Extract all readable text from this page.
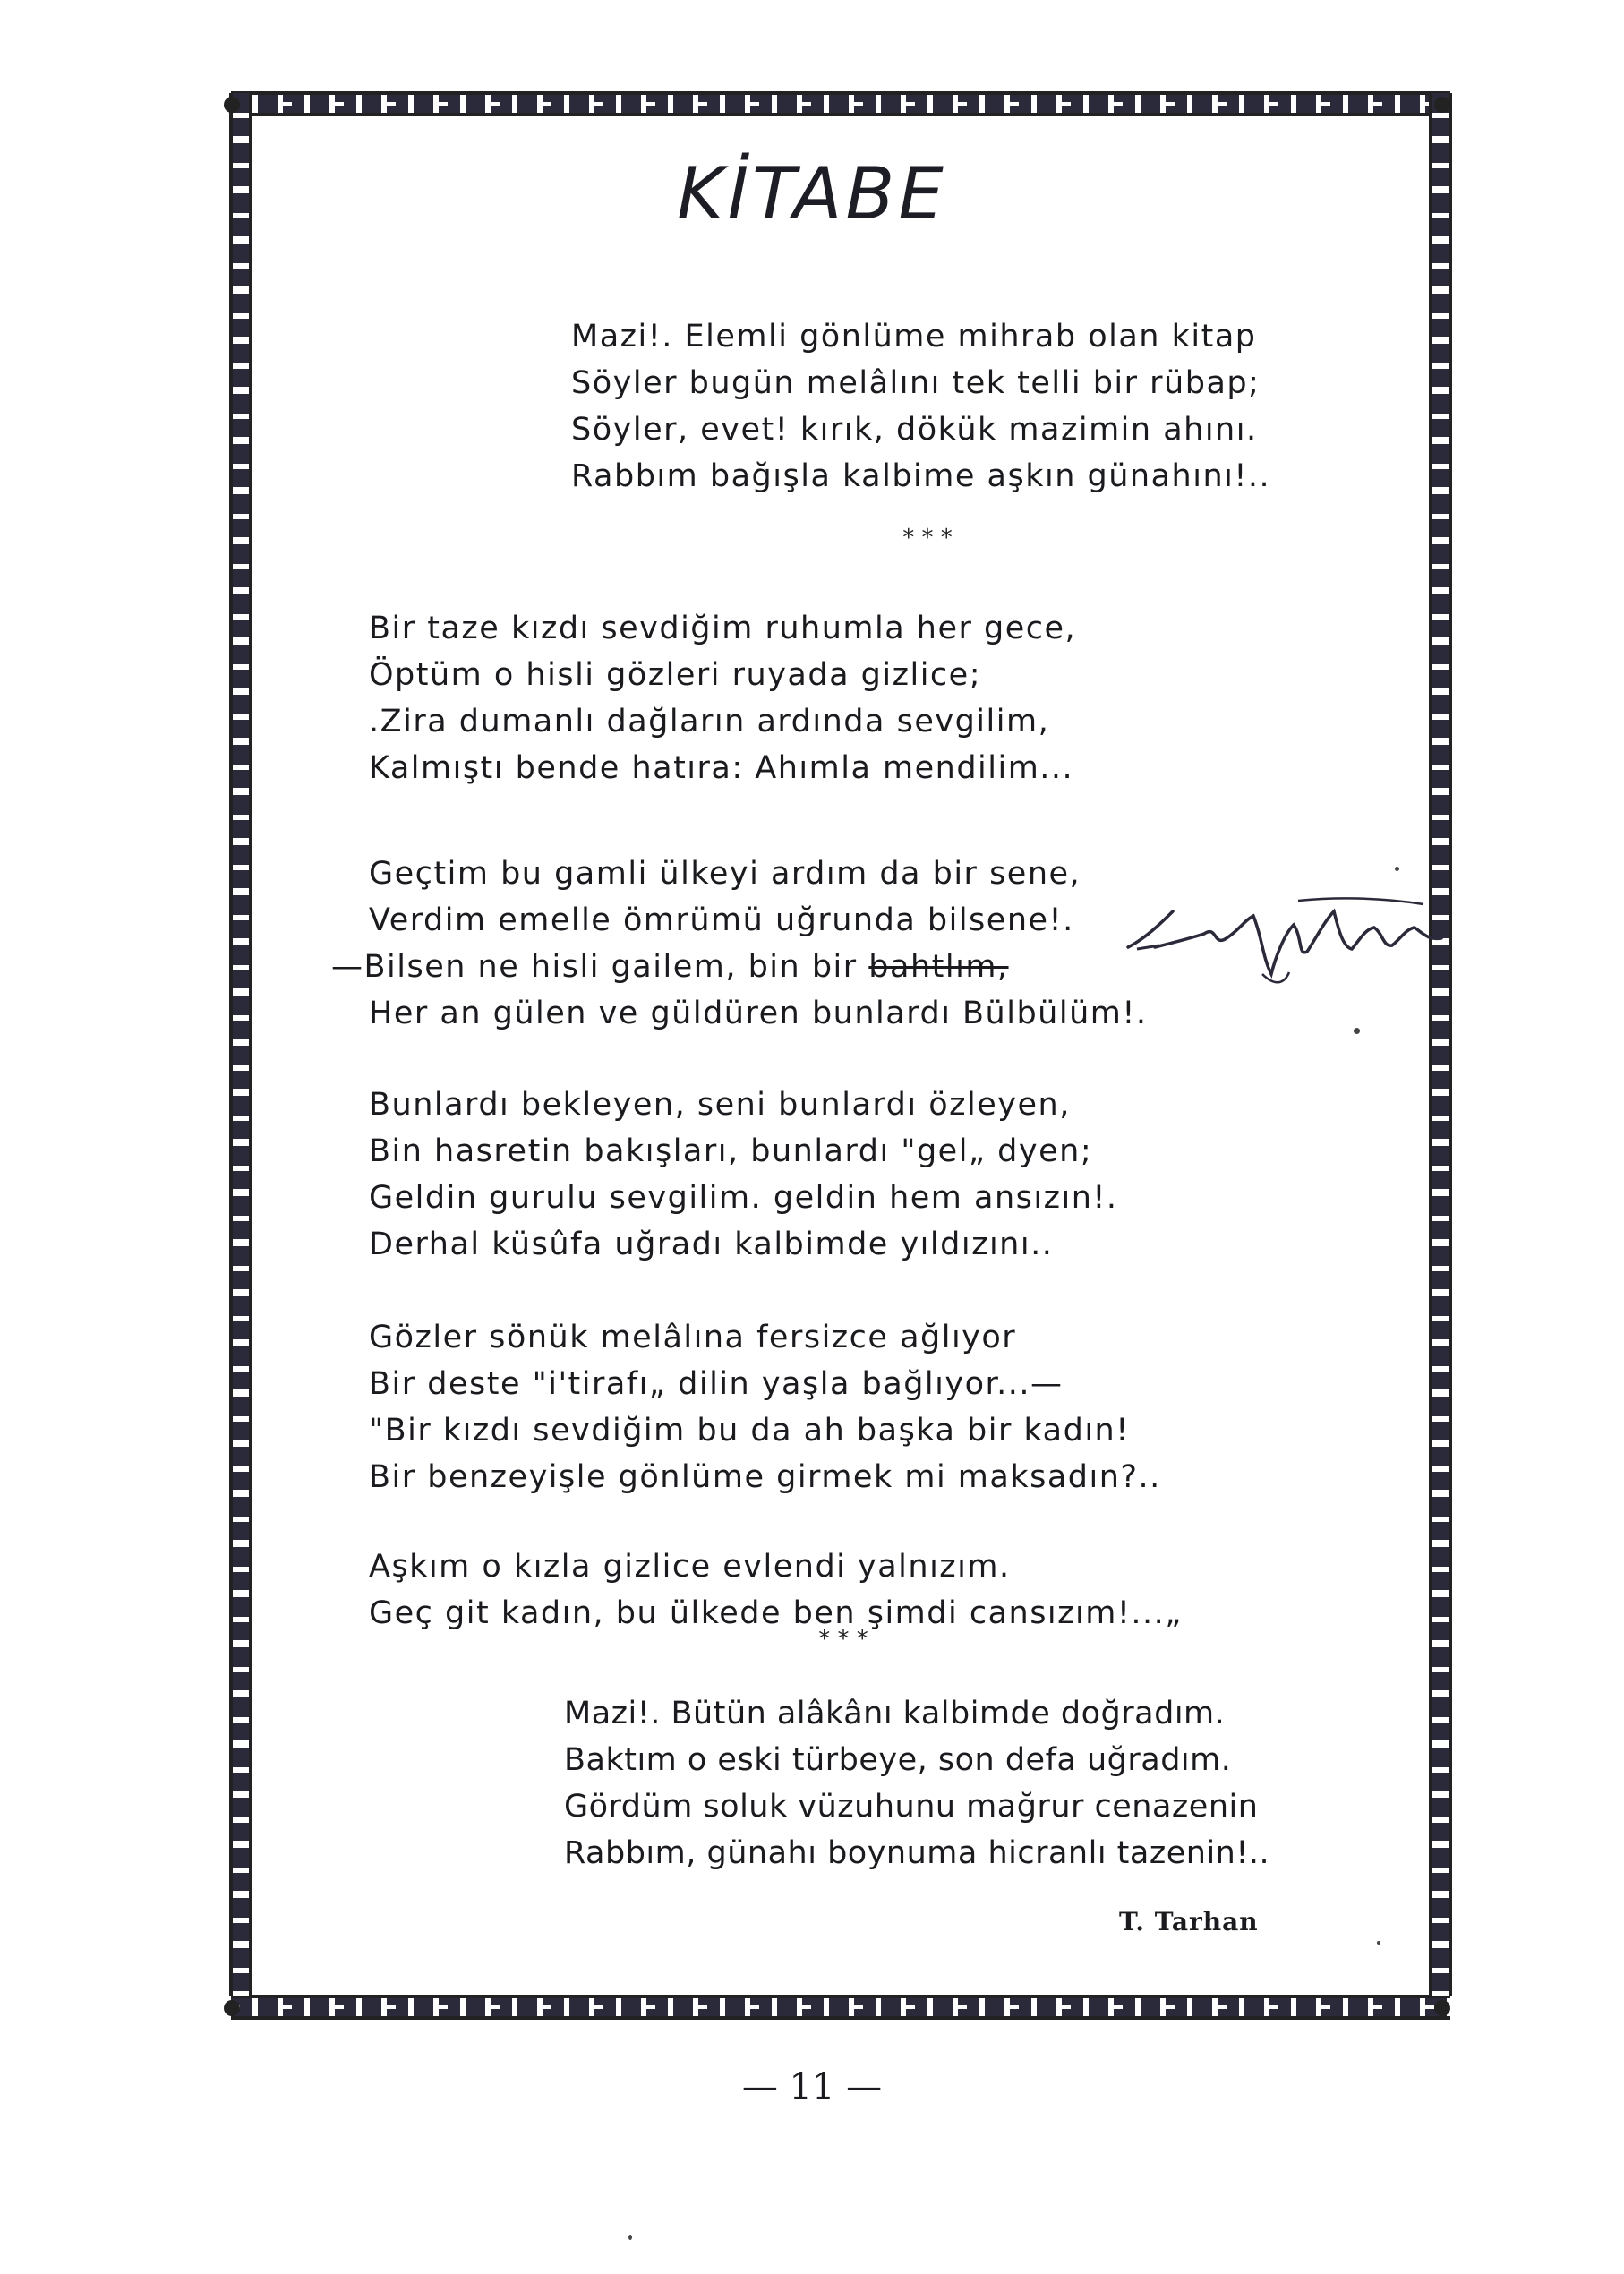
KİTABE
Mazi!. Elemli gönlüme mihrab olan kitap
Söyler bugün melâlını tek telli bir rübap;
Söyler, evet! kırık, dökük mazimin ahını.
Rabbım bağışla kalbime aşkın günahını!..
* * *
Bir taze kızdı sevdiğim ruhumla her gece,
Öptüm o hisli gözleri ruyada gizlice;
.Zira dumanlı dağların ardında sevgilim,
Kalmıştı bende hatıra: Ahımla mendilim...
Geçtim bu gamli ülkeyi ardım da bir sene,
Verdim emelle ömrümü uğrunda bilsene!.
—Bilsen ne hisli gailem, bin bir bahtlım,
Her an gülen ve güldüren bunlardı Bülbülüm!.
Bunlardı bekleyen, seni bunlardı özleyen,
Bin hasretin bakışları, bunlardı "gel„ dyen;
Geldin gurulu sevgilim. geldin hem ansızın!.
Derhal küsûfa uğradı kalbimde yıldızını..
Gözler sönük melâlına fersizce ağlıyor
Bir deste "i'tirafı„ dilin yaşla bağlıyor...—
"Bir kızdı sevdiğim bu da ah başka bir kadın!
Bir benzeyişle gönlüme girmek mi maksadın?..
Aşkım o kızla gizlice evlendi yalnızım.
Geç git kadın, bu ülkede ben şimdi cansızım!...„
* * *
Mazi!. Bütün alâkânı kalbimde doğradım.
Baktım o eski türbeye, son defa uğradım.
Gördüm soluk vüzuhunu mağrur cenazenin
Rabbım, günahı boynuma hicranlı tazenin!..
T. Tarhan
— 11 —
